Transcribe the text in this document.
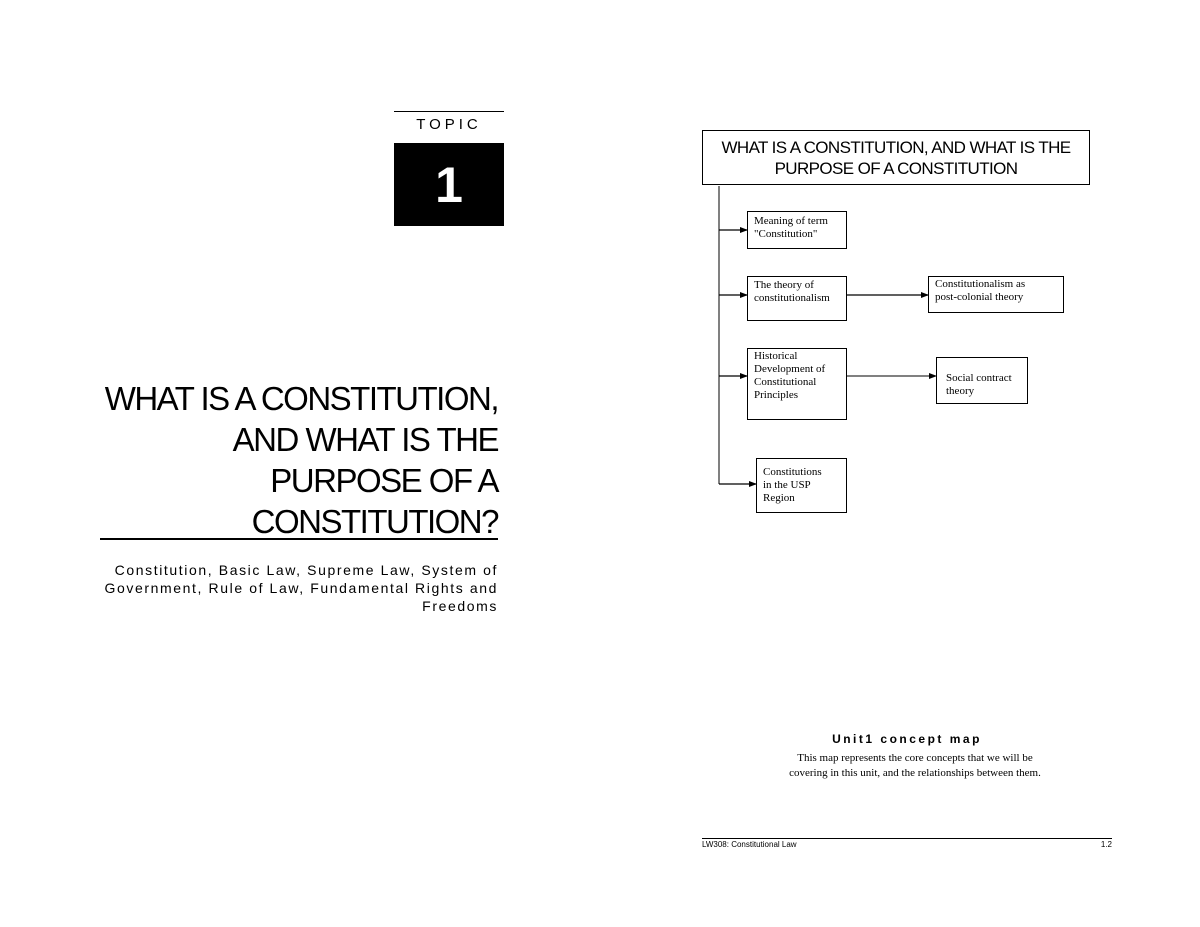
TOPIC
1
WHAT IS A CONSTITUTION,
AND WHAT IS THE
PURPOSE OF A
CONSTITUTION?
Constitution, Basic Law, Supreme Law, System of
Government, Rule of Law, Fundamental Rights and
Freedoms
WHAT IS A CONSTITUTION, AND WHAT IS THE
PURPOSE OF A CONSTITUTION
Meaning of term
"Constitution"
The theory of
constitutionalism
Constitutionalism as
post-colonial theory
Historical
Development of
Constitutional
Principles
Social contract
theory
Constitutions
in the USP
Region
Unit1 concept map
This map represents the core concepts that we will be
covering in this unit, and the relationships between them.
LW308: Constitutional Law	1.2
